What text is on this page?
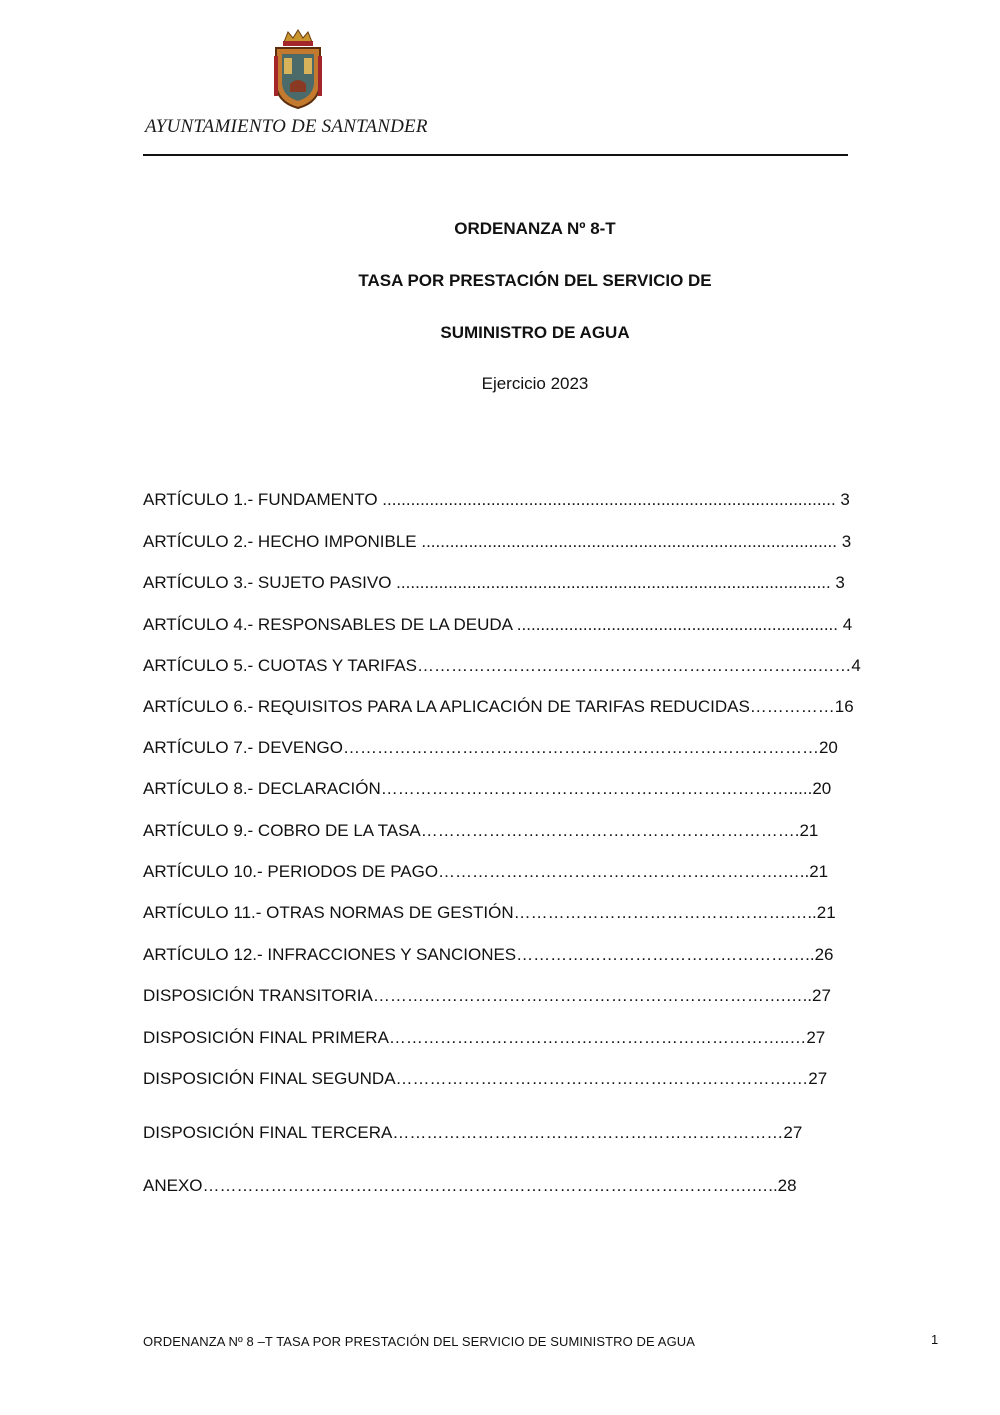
AYUNTAMIENTO DE SANTANDER
ORDENANZA Nº 8-T
TASA POR PRESTACIÓN DEL SERVICIO DE
SUMINISTRO DE AGUA
Ejercicio 2023
ARTÍCULO 1.- FUNDAMENTO ................................................................................................ 3
ARTÍCULO 2.- HECHO IMPONIBLE ........................................................................................ 3
ARTÍCULO 3.- SUJETO PASIVO ............................................................................................ 3
ARTÍCULO 4.- RESPONSABLES DE LA DEUDA .................................................................... 4
ARTÍCULO 5.- CUOTAS Y TARIFAS……………………………………………………………..……4
ARTÍCULO 6.- REQUISITOS PARA LA APLICACIÓN DE TARIFAS REDUCIDAS……………16
ARTÍCULO 7.- DEVENGO…………………………………………………………………………20
ARTÍCULO 8.- DECLARACIÓN……………………………………………………………….....20
ARTÍCULO 9.- COBRO DE LA TASA………………………………………………………….21
ARTÍCULO 10.- PERIODOS DE PAGO…………………………………………………….…..21
ARTÍCULO 11.- OTRAS NORMAS DE GESTIÓN………………………………………….…..21
ARTÍCULO 12.- INFRACCIONES Y SANCIONES……………………………………………..26
DISPOSICIÓN TRANSITORIA……………………………………………………………….…..27
DISPOSICIÓN FINAL PRIMERA……………………………………………………………..…27
DISPOSICIÓN FINAL SEGUNDA…………………………………………………………….…27
DISPOSICIÓN FINAL TERCERA……………………………………………………………27
ANEXO…………………………………………………………………………………….…..28
ORDENANZA Nº 8 –T TASA POR PRESTACIÓN DEL SERVICIO DE SUMINISTRO DE AGUA	1
